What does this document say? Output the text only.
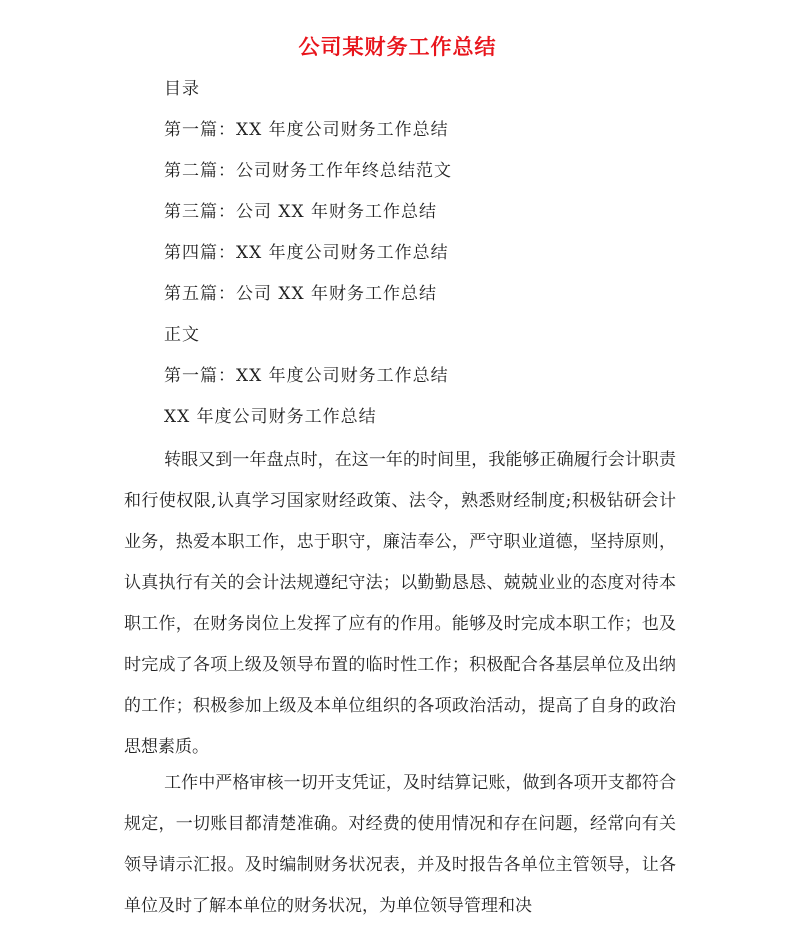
公司某财务工作总结
目录
第一篇：XX 年度公司财务工作总结
第二篇：公司财务工作年终总结范文
第三篇：公司 XX 年财务工作总结
第四篇：XX 年度公司财务工作总结
第五篇：公司 XX 年财务工作总结
正文
第一篇：XX 年度公司财务工作总结
XX 年度公司财务工作总结

转眼又到一年盘点时，在这一年的时间里，我能够正确履行会计职责和行使权限,认真学习国家财经政策、法令，熟悉财经制度;积极钻研会计业务，热爱本职工作，忠于职守，廉洁奉公，严守职业道德，坚持原则，认真执行有关的会计法规遵纪守法；以勤勤恳恳、兢兢业业的态度对待本职工作，在财务岗位上发挥了应有的作用。能够及时完成本职工作；也及时完成了各项上级及领导布置的临时性工作；积极配合各基层单位及出纳的工作；积极参加上级及本单位组织的各项政治活动，提高了自身的政治思想素质。

工作中严格审核一切开支凭证，及时结算记账，做到各项开支都符合规定，一切账目都清楚准确。对经费的使用情况和存在问题，经常向有关领导请示汇报。及时编制财务状况表，并及时报告各单位主管领导，让各单位及时了解本单位的财务状况，为单位领导管理和决
